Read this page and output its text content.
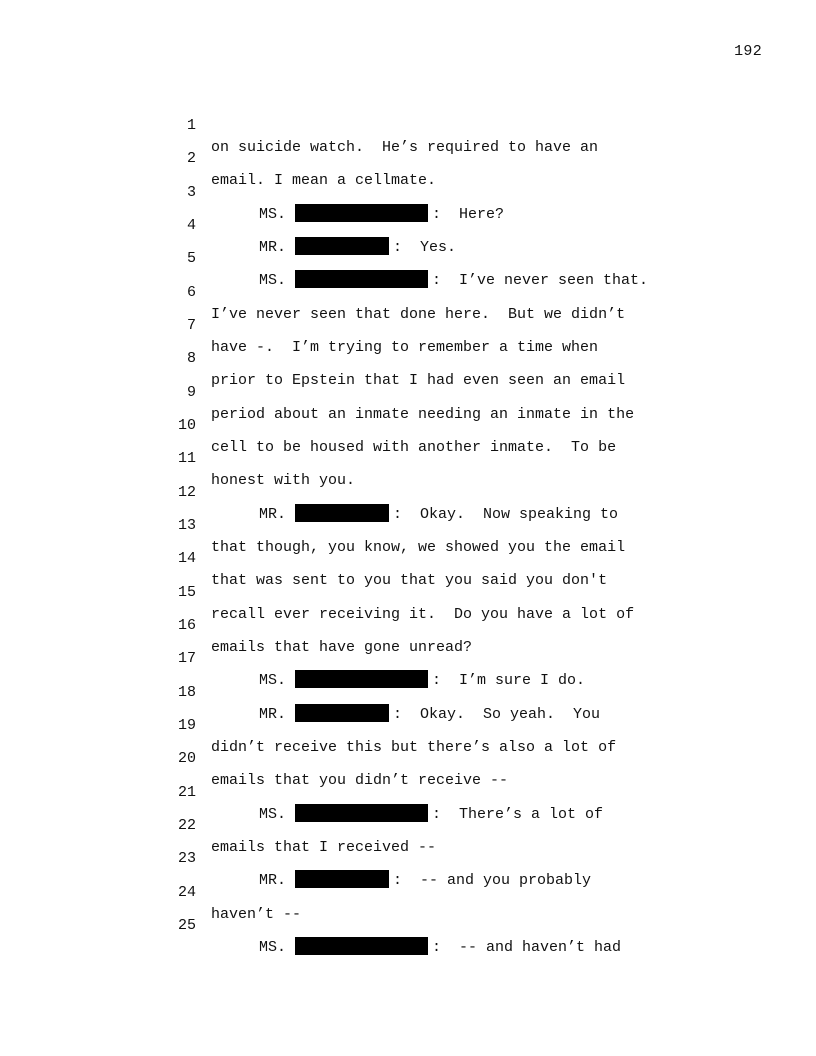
192

1

on suicide watch.  He’s required to have an

2

email. I mean a cellmate.

3

MS.	:  Here?

4

MR.	:  Yes.

5

MS.	:  I’ve never seen that.

6

I’ve never seen that done here.  But we didn’t

7

have -.  I’m trying to remember a time when

8

prior to Epstein that I had even seen an email

9

period about an inmate needing an inmate in the

10

cell to be housed with another inmate.  To be

11

honest with you.

12

MR.	:  Okay.  Now speaking to

13

that though, you know, we showed you the email

14

that was sent to you that you said you don't

15

recall ever receiving it.  Do you have a lot of

16

emails that have gone unread?

17

MS.	:  I’m sure I do.

18

MR.	:  Okay.  So yeah.  You

19

didn’t receive this but there’s also a lot of

20

emails that you didn’t receive --

21

MS.	:  There’s a lot of

22

emails that I received --

23

MR.	:  -- and you probably

24

haven’t --

25

MS.	:  -- and haven’t had
